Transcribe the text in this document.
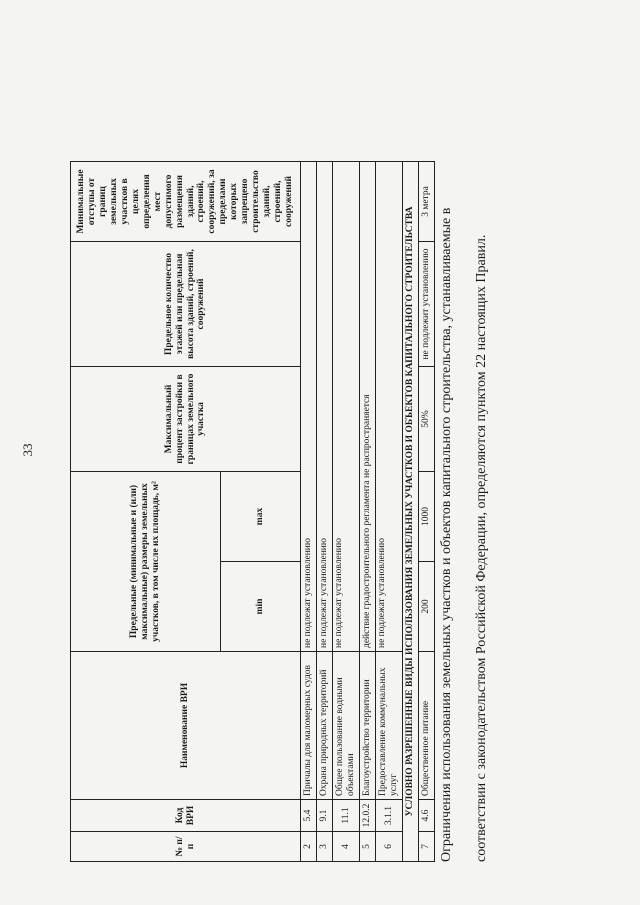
33
№ п/п	Код ВРИ	Наименование ВРИ	Предельные (минимальные и (или) максимальные) размеры земельных участков, в том числе их площадь, м²		Максимальный процент застройки в границах земельного участка	Предельное количество этажей или предельная высота зданий, строений, сооружений	Минимальные отступы от границ земельных участков в целях определения мест допустимого размещения зданий, строений, сооружений, за пределами которых запрещено строительство зданий, строений, сооружений
			min	max			
2	5.4	Причалы для маломерных судов	не подлежат установлению				
3	9.1	Охрана природных территорий	не подлежат установлению				
4	11.1	Общее пользование водными объектами	не подлежат установлению				
5	12.0.2	Благоустройство территории	действие градостроительного регламента не распространяется				
6	3.1.1	Предоставление коммунальных услуг	не подлежат установлению				
УСЛОВНО РАЗРЕШЕННЫЕ ВИДЫ ИСПОЛЬЗОВАНИЯ ЗЕМЕЛЬНЫХ УЧАСТКОВ И ОБЪЕКТОВ КАПИТАЛЬНОГО СТРОИТЕЛЬСТВА							
7	4.6	Общественное питание	200	1000	50%	не подлежит установлению	3 метра
Ограничения использования земельных участков и объектов капитального строительства, устанавливаемые в	соответствии с законодательством Российской Федерации, определяются пунктом 22 настоящих Правил.
